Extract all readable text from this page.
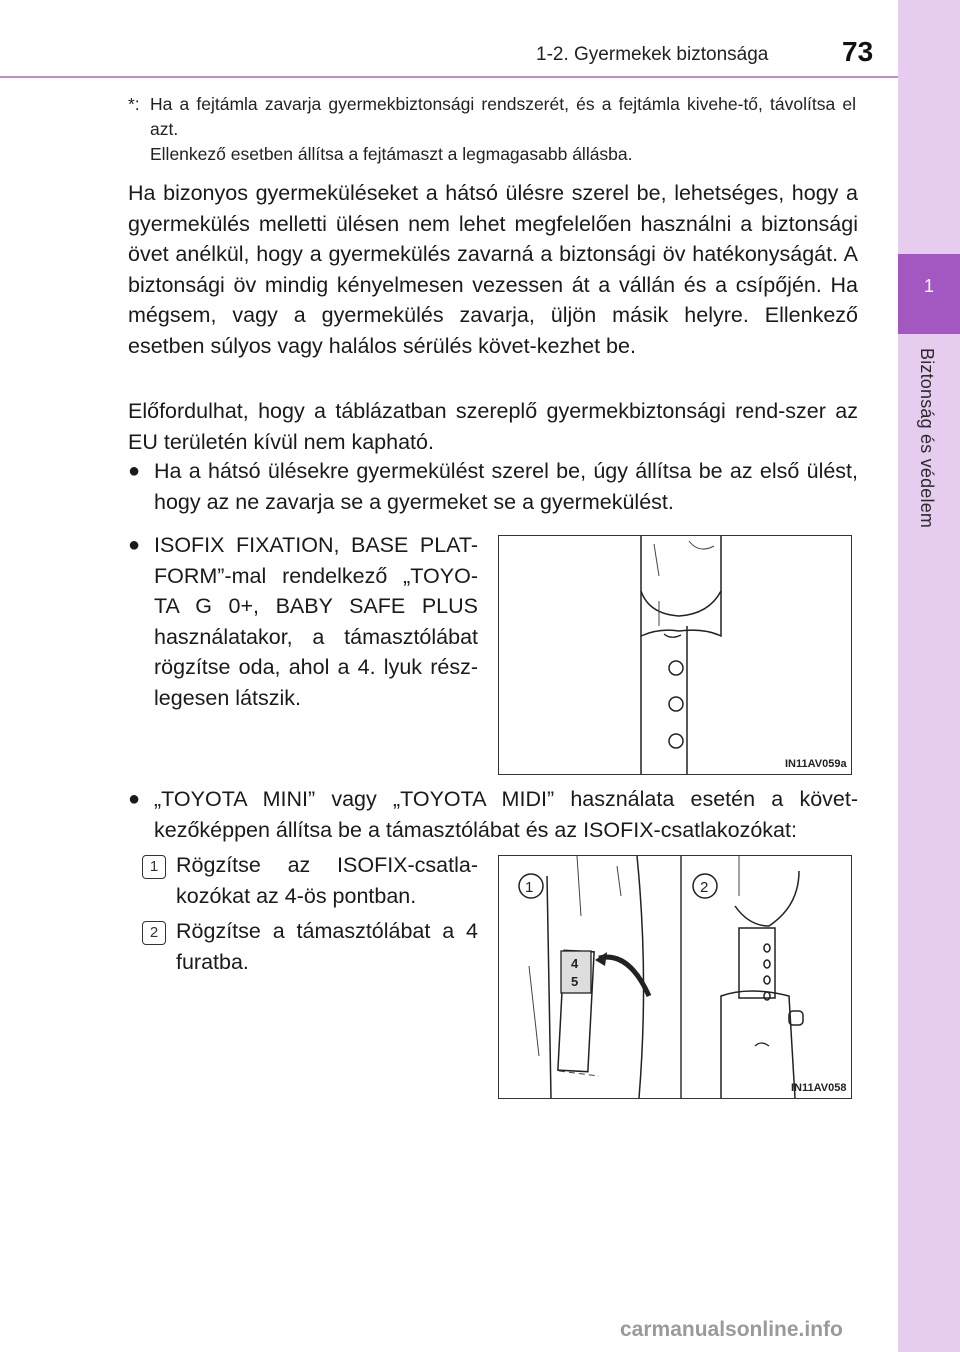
1-2. Gyermekek biztonsága	73
1
Biztonság és védelem
*: Ha a fejtámla zavarja gyermekbiztonsági rendszerét, és a fejtámla kivehe-tő, távolítsa el azt.
Ellenkező esetben állítsa a fejtámaszt a legmagasabb állásba.
Ha bizonyos gyermeküléseket a hátsó ülésre szerel be, lehetséges, hogy a gyermekülés melletti ülésen nem lehet megfelelően használni a biztonsági övet anélkül, hogy a gyermekülés zavarná a biztonsági öv hatékonyságát. A biztonsági öv mindig kényelmesen vezessen át a vállán és a csípőjén. Ha mégsem, vagy a gyermekülés zavarja, üljön másik helyre. Ellenkező esetben súlyos vagy halálos sérülés követ-kezhet be.
Előfordulhat, hogy a táblázatban szereplő gyermekbiztonsági rend-szer az EU területén kívül nem kapható.
● Ha a hátsó ülésekre gyermekülést szerel be, úgy állítsa be az első ülést, hogy az ne zavarja se a gyermeket se a gyermekülést.
● ISOFIX FIXATION, BASE PLAT-FORM”-mal rendelkező „TOYO-TA G 0+, BABY SAFE PLUS használatakor, a támasztólábat rögzítse oda, ahol a 4. lyuk rész-legesen látszik.
IN11AV059a
● „TOYOTA MINI” vagy „TOYOTA MIDI” használata esetén a követ-kezőképpen állítsa be a támasztólábat és az ISOFIX-csatlakozókat:
1 Rögzítse az ISOFIX-csatla-kozókat az 4-ös pontban.
2 Rögzítse a támasztólábat a 4 furatba.
1	2
4
5
IN11AV058
carmanualsonline.info
